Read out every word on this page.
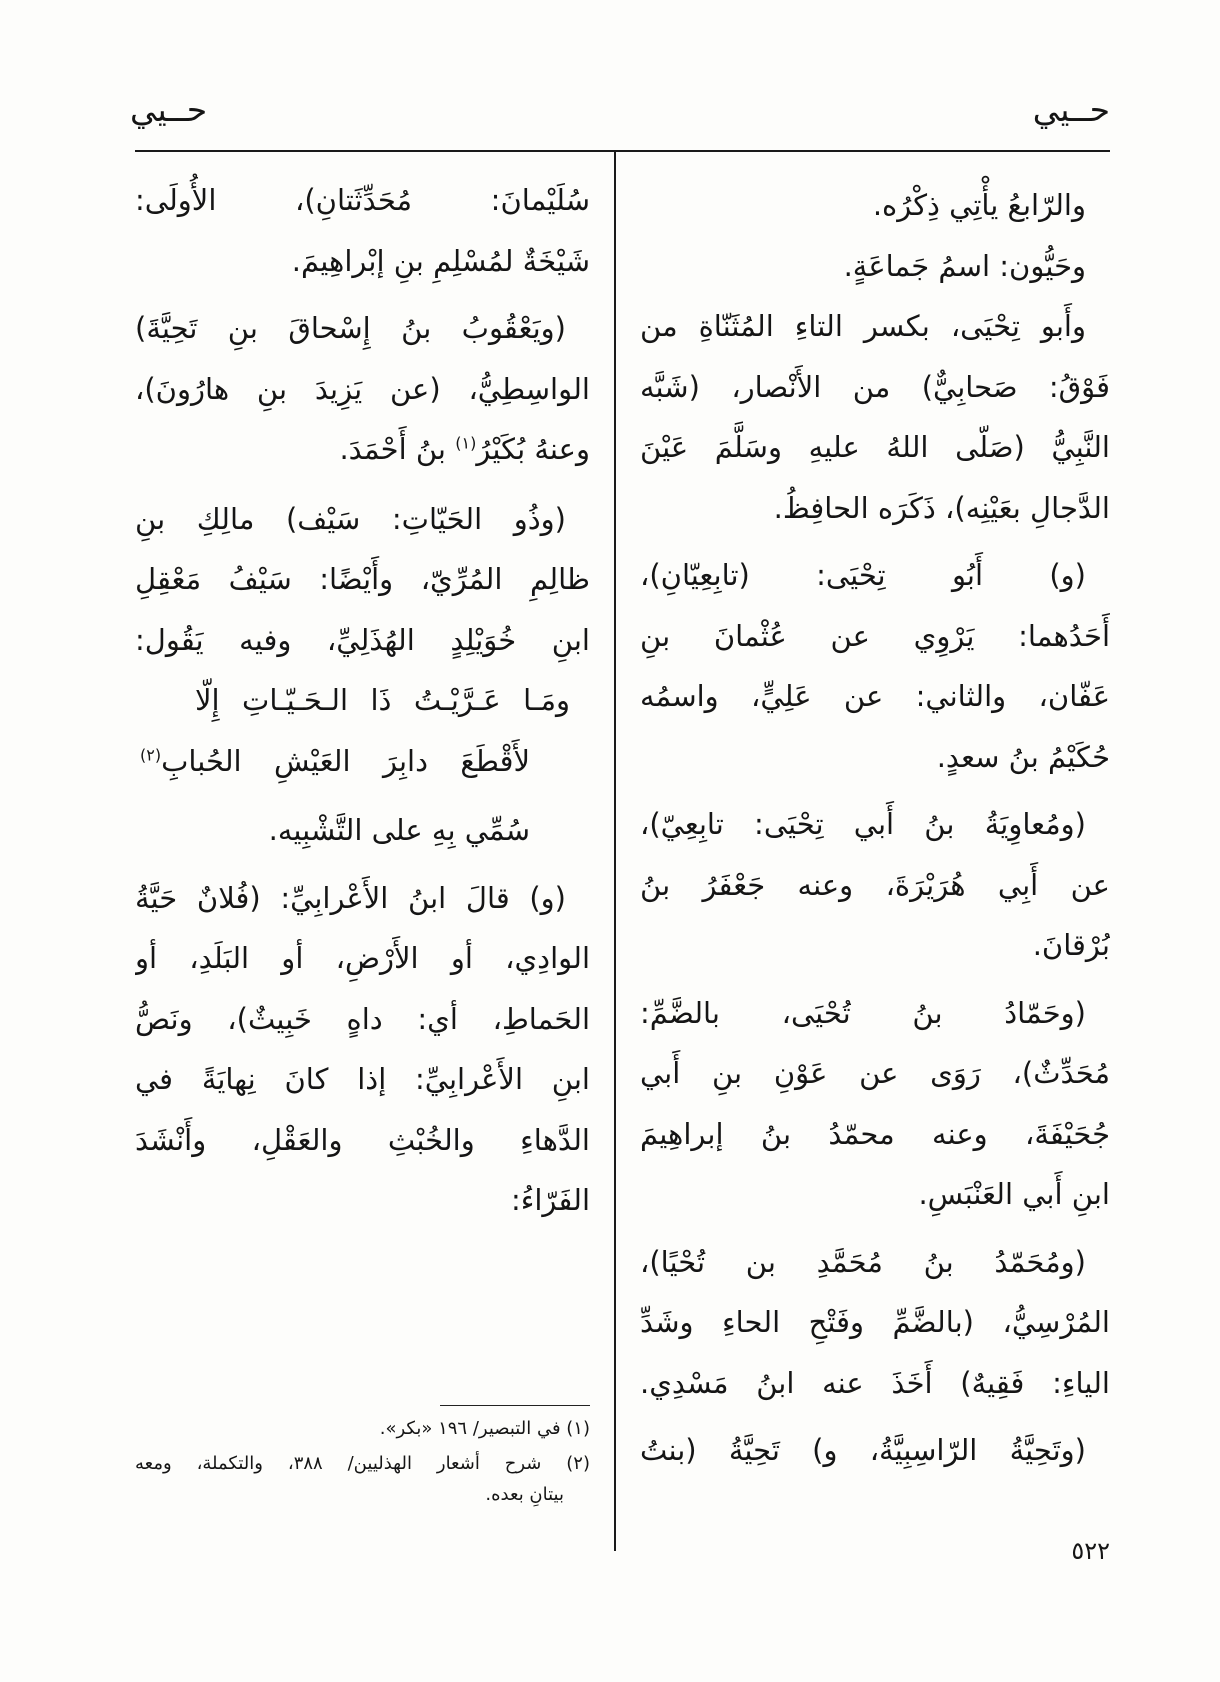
حــيي
حــيي
والرّابعُ يأْتِي ذِكْرُه.
وحَيُّون: اسمُ جَماعَةٍ.
وأَبو تِحْيَى، بكسر التاءِ المُثَنّاةِ من
فَوْقُ: صَحابِيٌّ) من الأَنْصار، (شَبَّه
النَّبِيُّ (صَلّى اللهُ عليهِ وسَلَّمَ عَيْنَ
الدَّجالِ بعَيْنِه)، ذَكَرَه الحافِظُ.
(و) أَبُو تِحْيَى: (تابِعِيّانِ)،
أَحَدُهما: يَرْوِي عن عُثْمانَ بنِ
عَفّان، والثاني: عن عَلِيٍّ، واسمُه
حُكَيْمُ بنُ سعدٍ.
(ومُعاوِيَةُ بنُ أَبي تِحْيَى: تابِعِيّ)،
عن أَبِي هُرَيْرَةَ، وعنه جَعْفَرُ بنُ
بُرْقانَ.
(وحَمّادُ بنُ تُحْيَى، بالضَّمِّ:
مُحَدِّثٌ)، رَوَى عن عَوْنِ بنِ أَبي
جُحَيْفَةَ، وعنه محمّدُ بنُ إبراهِيمَ
ابنِ أَبي العَنْبَسِ.
(ومُحَمّدُ بنُ مُحَمَّدِ بن تُحْيًا)،
المُرْسِيُّ، (بالضَّمِّ وفَتْحِ الحاءِ وشَدِّ
الياءِ: فَقِيهٌ) أَخَذَ عنه ابنُ مَسْدِي.
(وتَحِيَّةُ الرّاسِبِيَّةُ، و) تَحِيَّةُ (بنتُ
سُلَيْمانَ: مُحَدِّثَتانِ)، الأُولَى:
شَيْخَةٌ لمُسْلِمِ بنِ إبْراهِيمَ.
(ويَعْقُوبُ بنُ إِسْحاقَ بنِ تَحِيَّةَ)
الواسِطِيُّ، (عن يَزِيدَ بنِ هارُونَ)،
وعنهُ بُكَيْرُ$^{(١)}$ بنُ أَحْمَدَ.
(وذُو الحَيّاتِ: سَيْف) مالِكِ بنِ
ظالِمِ المُرِّيّ، وأَيْضًا: سَيْفُ مَعْقِلِ
ابنِ خُوَيْلِدٍ الهُذَلِيِّ، وفيه يَقُول:
ومَـا عَـرَّيْـتُ ذَا الـحَـيّـاتِ إِلّا
لأَقْطَعَ دابِرَ العَيْشِ الحُبابِ$^{(٢)}$
سُمِّي بِهِ على التَّشْبِيه.
(و) قالَ ابنُ الأَعْرابِيِّ: (فُلانٌ حَيَّةُ
الوادِي، أو الأَرْضِ، أو البَلَدِ، أو
الحَماطِ، أي: داهٍ خَبِيثٌ)، ونَصُّ
ابنِ الأَعْرابِيِّ: إذا كانَ نِهايَةً في
الدَّهاءِ والخُبْثِ والعَقْلِ، وأَنْشَدَ
الفَرّاءُ:
(١) في التبصير/ ١٩٦ «بكر».
(٢) شرح أشعار الهذليين/ ٣٨٨، والتكملة، ومعه
بيتانِ بعده.
٥٢٢
